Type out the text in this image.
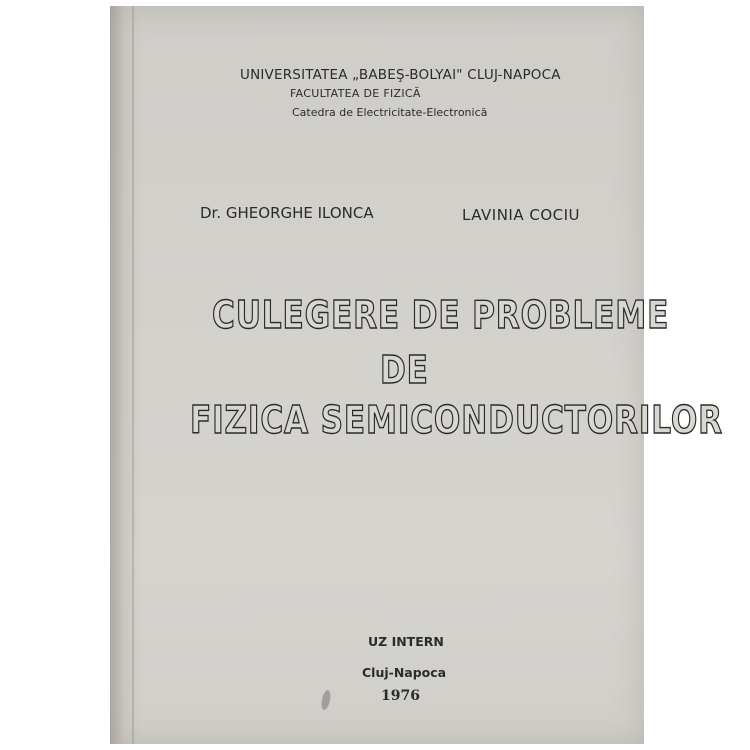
UNIVERSITATEA „BABEŞ-BOLYAI" CLUJ-NAPOCA
FACULTATEA DE FIZICĂ
Catedra de Electricitate-Electronică
Dr. GHEORGHE ILONCA	LAVINIA COCIU
CULEGERE DE PROBLEME
DE
FIZICA SEMICONDUCTORILOR
UZ INTERN
Cluj-Napoca
1976
